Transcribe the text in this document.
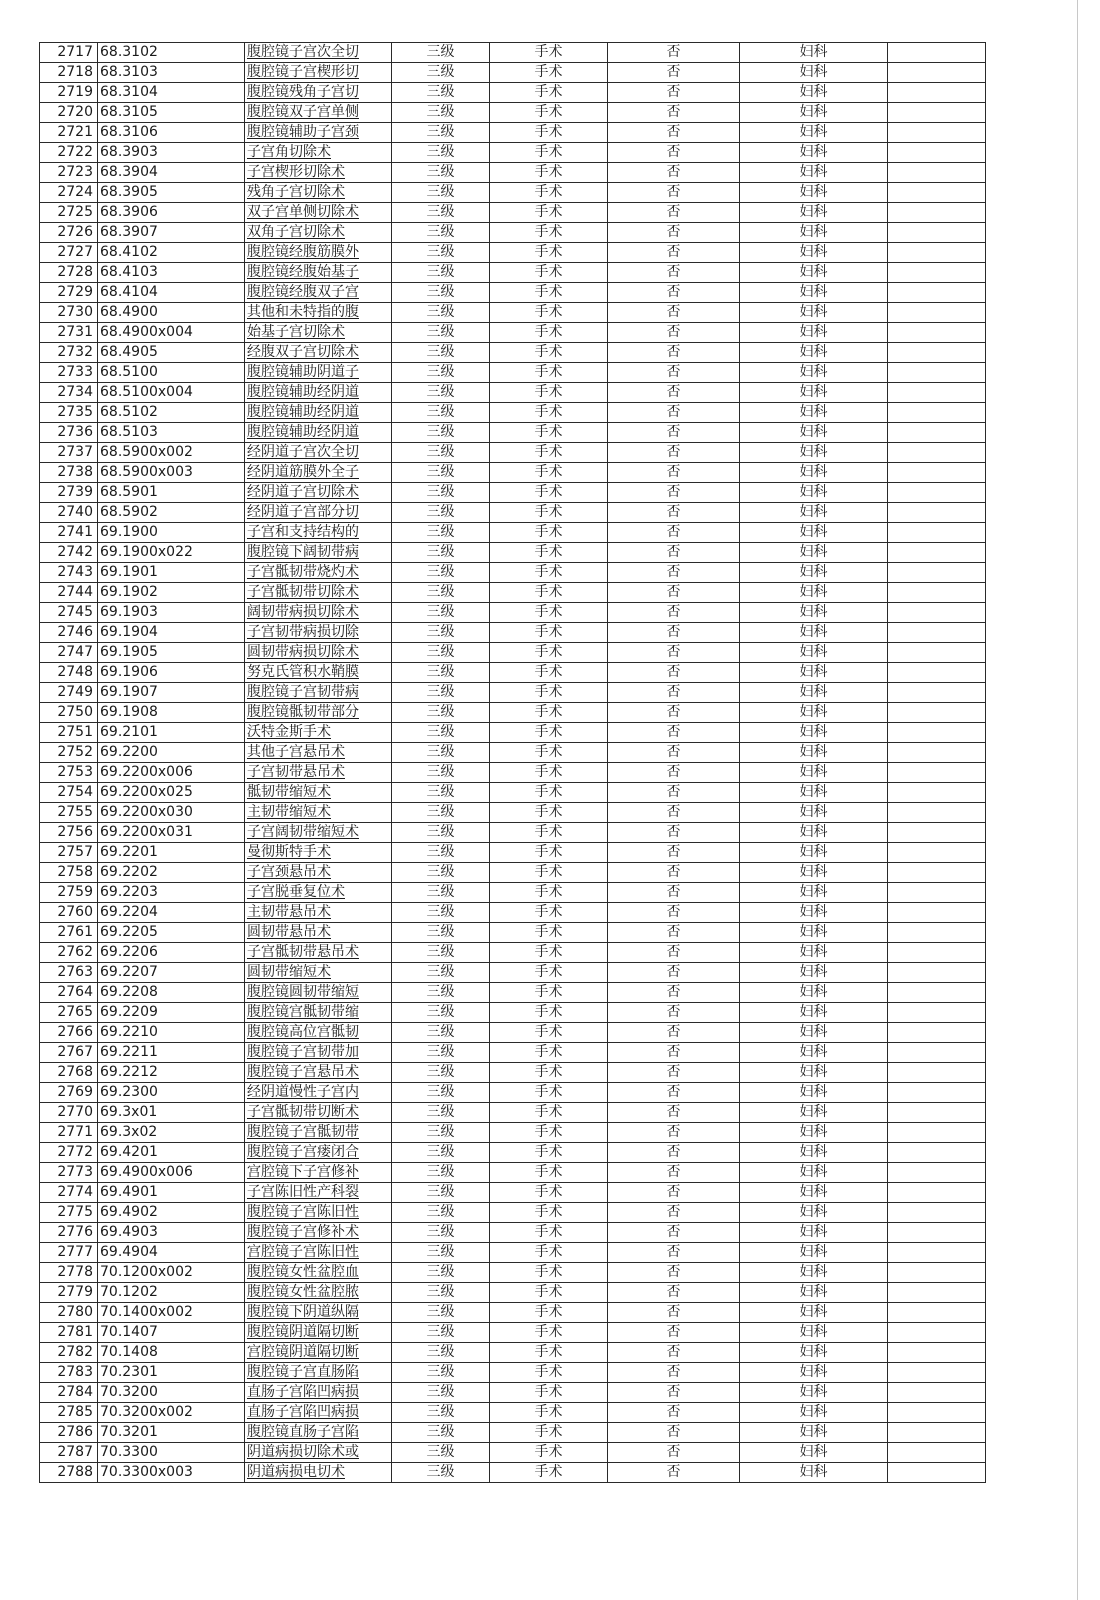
2717	68.3102	腹腔镜子宫次全切	三级	手术	否	妇科	
2718	68.3103	腹腔镜子宫楔形切	三级	手术	否	妇科	
2719	68.3104	腹腔镜残角子宫切	三级	手术	否	妇科	
2720	68.3105	腹腔镜双子宫单侧	三级	手术	否	妇科	
2721	68.3106	腹腔镜辅助子宫颈	三级	手术	否	妇科	
2722	68.3903	子宫角切除术	三级	手术	否	妇科	
2723	68.3904	子宫楔形切除术	三级	手术	否	妇科	
2724	68.3905	残角子宫切除术	三级	手术	否	妇科	
2725	68.3906	双子宫单侧切除术	三级	手术	否	妇科	
2726	68.3907	双角子宫切除术	三级	手术	否	妇科	
2727	68.4102	腹腔镜经腹筋膜外	三级	手术	否	妇科	
2728	68.4103	腹腔镜经腹始基子	三级	手术	否	妇科	
2729	68.4104	腹腔镜经腹双子宫	三级	手术	否	妇科	
2730	68.4900	其他和未特指的腹	三级	手术	否	妇科	
2731	68.4900x004	始基子宫切除术	三级	手术	否	妇科	
2732	68.4905	经腹双子宫切除术	三级	手术	否	妇科	
2733	68.5100	腹腔镜辅助阴道子	三级	手术	否	妇科	
2734	68.5100x004	腹腔镜辅助经阴道	三级	手术	否	妇科	
2735	68.5102	腹腔镜辅助经阴道	三级	手术	否	妇科	
2736	68.5103	腹腔镜辅助经阴道	三级	手术	否	妇科	
2737	68.5900x002	经阴道子宫次全切	三级	手术	否	妇科	
2738	68.5900x003	经阴道筋膜外全子	三级	手术	否	妇科	
2739	68.5901	经阴道子宫切除术	三级	手术	否	妇科	
2740	68.5902	经阴道子宫部分切	三级	手术	否	妇科	
2741	69.1900	子宫和支持结构的	三级	手术	否	妇科	
2742	69.1900x022	腹腔镜下阔韧带病	三级	手术	否	妇科	
2743	69.1901	子宫骶韧带烧灼术	三级	手术	否	妇科	
2744	69.1902	子宫骶韧带切除术	三级	手术	否	妇科	
2745	69.1903	阔韧带病损切除术	三级	手术	否	妇科	
2746	69.1904	子宫韧带病损切除	三级	手术	否	妇科	
2747	69.1905	圆韧带病损切除术	三级	手术	否	妇科	
2748	69.1906	努克氏管积水鞘膜	三级	手术	否	妇科	
2749	69.1907	腹腔镜子宫韧带病	三级	手术	否	妇科	
2750	69.1908	腹腔镜骶韧带部分	三级	手术	否	妇科	
2751	69.2101	沃特金斯手术	三级	手术	否	妇科	
2752	69.2200	其他子宫悬吊术	三级	手术	否	妇科	
2753	69.2200x006	子宫韧带悬吊术	三级	手术	否	妇科	
2754	69.2200x025	骶韧带缩短术	三级	手术	否	妇科	
2755	69.2200x030	主韧带缩短术	三级	手术	否	妇科	
2756	69.2200x031	子宫阔韧带缩短术	三级	手术	否	妇科	
2757	69.2201	曼彻斯特手术	三级	手术	否	妇科	
2758	69.2202	子宫颈悬吊术	三级	手术	否	妇科	
2759	69.2203	子宫脱垂复位术	三级	手术	否	妇科	
2760	69.2204	主韧带悬吊术	三级	手术	否	妇科	
2761	69.2205	圆韧带悬吊术	三级	手术	否	妇科	
2762	69.2206	子宫骶韧带悬吊术	三级	手术	否	妇科	
2763	69.2207	圆韧带缩短术	三级	手术	否	妇科	
2764	69.2208	腹腔镜圆韧带缩短	三级	手术	否	妇科	
2765	69.2209	腹腔镜宫骶韧带缩	三级	手术	否	妇科	
2766	69.2210	腹腔镜高位宫骶韧	三级	手术	否	妇科	
2767	69.2211	腹腔镜子宫韧带加	三级	手术	否	妇科	
2768	69.2212	腹腔镜子宫悬吊术	三级	手术	否	妇科	
2769	69.2300	经阴道慢性子宫内	三级	手术	否	妇科	
2770	69.3x01	子宫骶韧带切断术	三级	手术	否	妇科	
2771	69.3x02	腹腔镜子宫骶韧带	三级	手术	否	妇科	
2772	69.4201	腹腔镜子宫瘘闭合	三级	手术	否	妇科	
2773	69.4900x006	宫腔镜下子宫修补	三级	手术	否	妇科	
2774	69.4901	子宫陈旧性产科裂	三级	手术	否	妇科	
2775	69.4902	腹腔镜子宫陈旧性	三级	手术	否	妇科	
2776	69.4903	腹腔镜子宫修补术	三级	手术	否	妇科	
2777	69.4904	宫腔镜子宫陈旧性	三级	手术	否	妇科	
2778	70.1200x002	腹腔镜女性盆腔血	三级	手术	否	妇科	
2779	70.1202	腹腔镜女性盆腔脓	三级	手术	否	妇科	
2780	70.1400x002	腹腔镜下阴道纵隔	三级	手术	否	妇科	
2781	70.1407	腹腔镜阴道隔切断	三级	手术	否	妇科	
2782	70.1408	宫腔镜阴道隔切断	三级	手术	否	妇科	
2783	70.2301	腹腔镜子宫直肠陷	三级	手术	否	妇科	
2784	70.3200	直肠子宫陷凹病损	三级	手术	否	妇科	
2785	70.3200x002	直肠子宫陷凹病损	三级	手术	否	妇科	
2786	70.3201	腹腔镜直肠子宫陷	三级	手术	否	妇科	
2787	70.3300	阴道病损切除术或	三级	手术	否	妇科	
2788	70.3300x003	阴道病损电切术	三级	手术	否	妇科	
